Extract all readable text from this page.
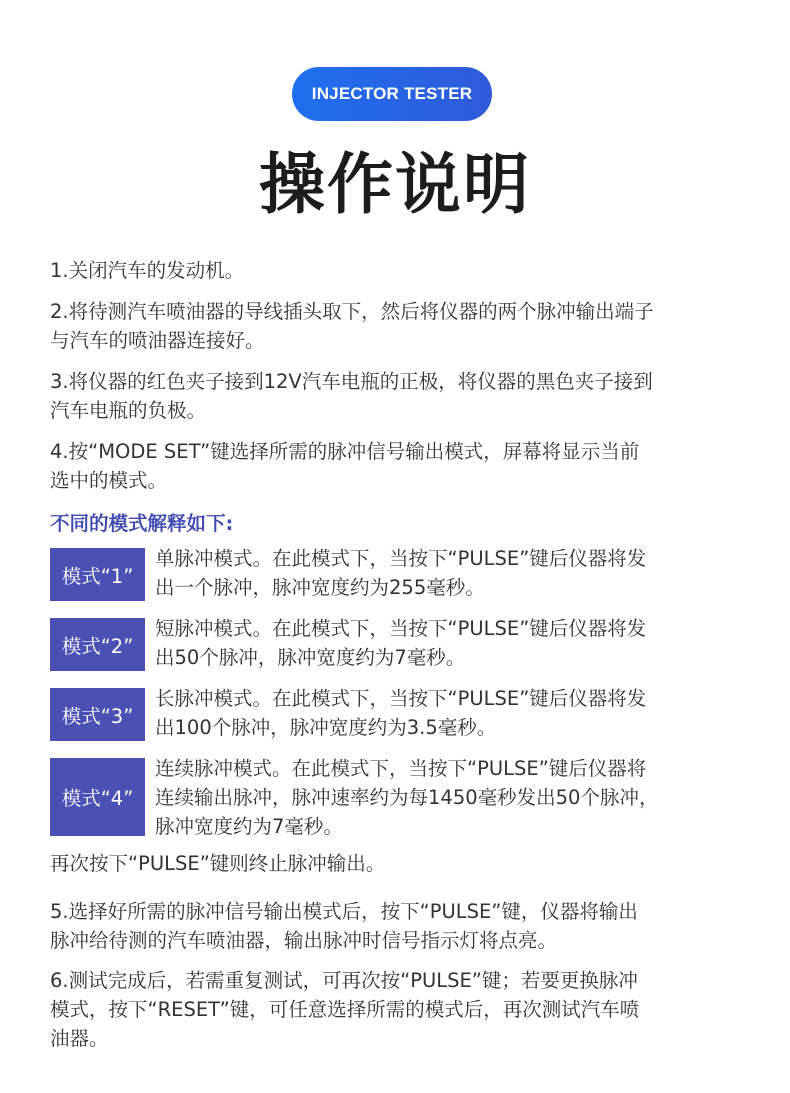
INJECTOR TESTER
操作说明

1.关闭汽车的发动机。

2.将待测汽车喷油器的导线插头取下，然后将仪器的两个脉冲输出端子
与汽车的喷油器连接好。

3.将仪器的红色夹子接到12V汽车电瓶的正极，将仪器的黑色夹子接到
汽车电瓶的负极。

4.按“MODE SET”键选择所需的脉冲信号输出模式，屏幕将显示当前
选中的模式。

不同的模式解释如下:
模式“1”
单脉冲模式。在此模式下，当按下“PULSE”键后仪器将发
出一个脉冲，脉冲宽度约为255毫秒。
模式“2”
短脉冲模式。在此模式下，当按下“PULSE”键后仪器将发
出50个脉冲，脉冲宽度约为7毫秒。
模式“3”
长脉冲模式。在此模式下，当按下“PULSE”键后仪器将发
出100个脉冲，脉冲宽度约为3.5毫秒。
模式“4”
连续脉冲模式。在此模式下，当按下“PULSE”键后仪器将
连续输出脉冲，脉冲速率约为每1450毫秒发出50个脉冲，
脉冲宽度约为7毫秒。

再次按下“PULSE”键则终止脉冲输出。

5.选择好所需的脉冲信号输出模式后，按下“PULSE”键，仪器将输出
脉冲给待测的汽车喷油器，输出脉冲时信号指示灯将点亮。

6.测试完成后，若需重复测试，可再次按“PULSE”键；若要更换脉冲
模式，按下“RESET”键，可任意选择所需的模式后，再次测试汽车喷
油器。
